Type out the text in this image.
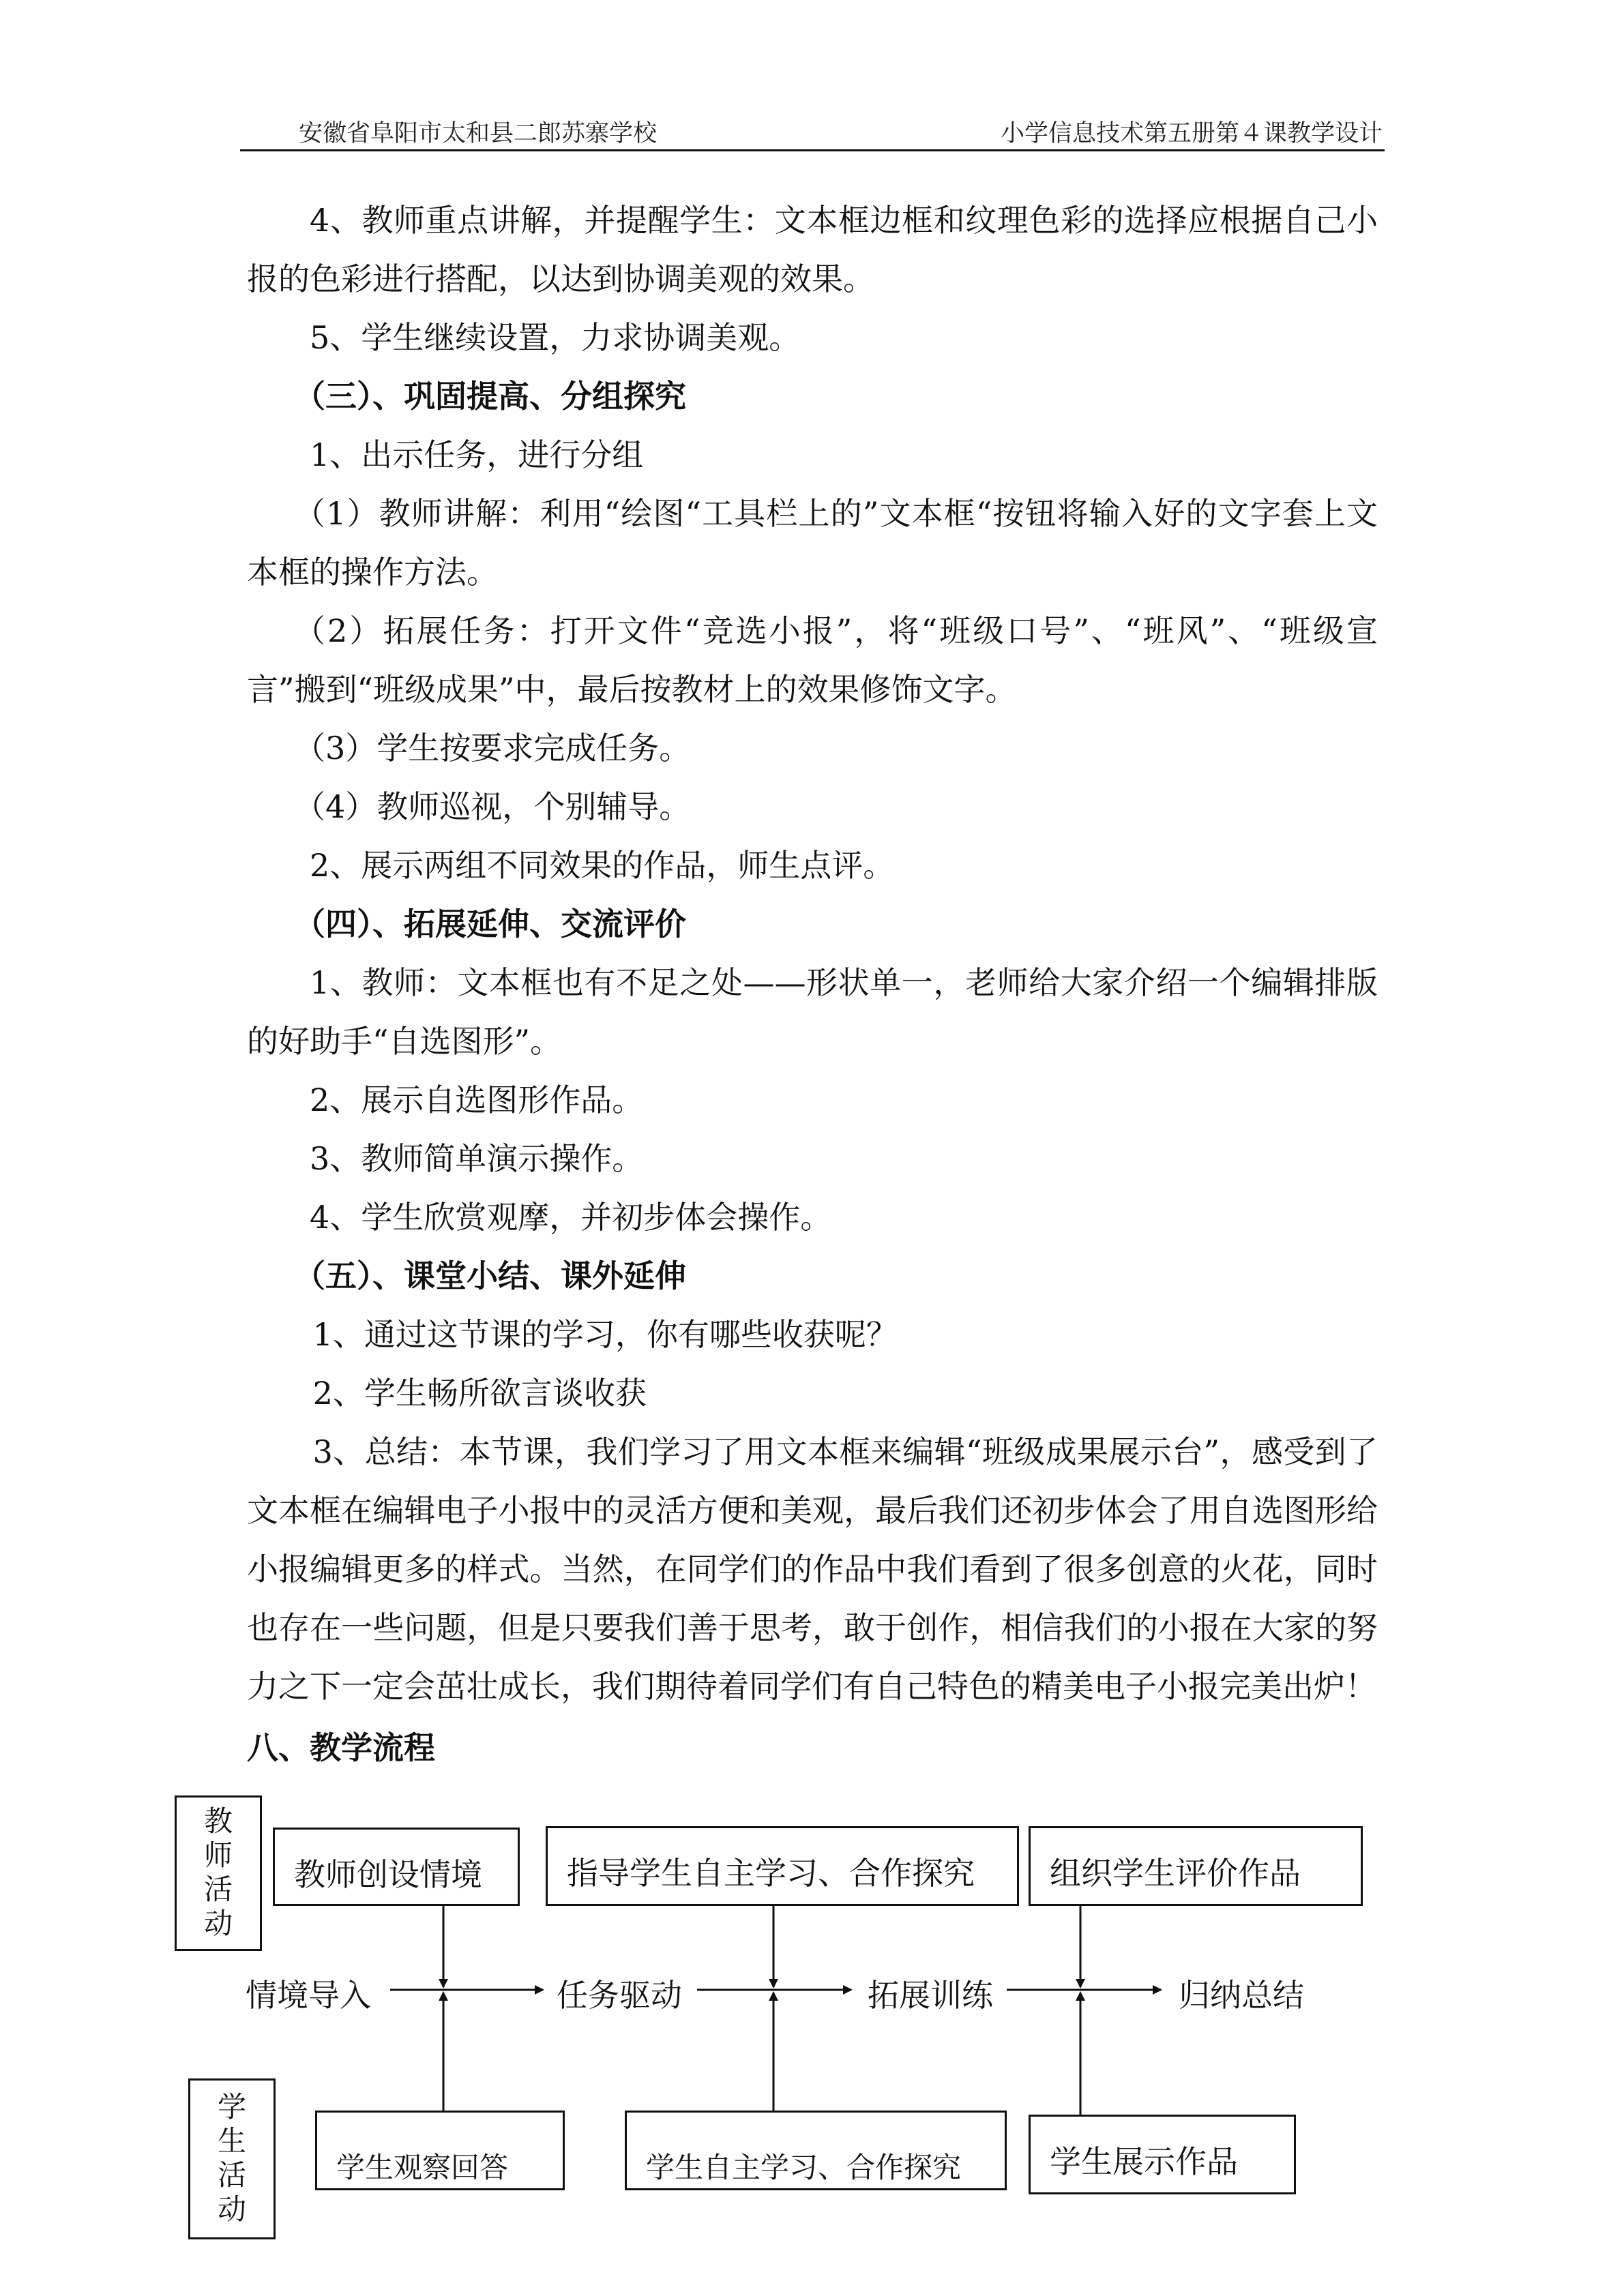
安徽省阜阳市太和县二郎苏寨学校	小学信息技术第五册第４课教学设计

4、教师重点讲解，并提醒学生：文本框边框和纹理色彩的选择应根据自己小报的色彩进行搭配，以达到协调美观的效果。

5、学生继续设置，力求协调美观。

（三）、巩固提高、分组探究

1、出示任务，进行分组

（1）教师讲解：利用“绘图“工具栏上的”文本框“按钮将输入好的文字套上文本框的操作方法。

（2）拓展任务：打开文件“竞选小报”，将“班级口号”、“班风”、“班级宣言”搬到“班级成果”中，最后按教材上的效果修饰文字。

（3）学生按要求完成任务。

（4）教师巡视，个别辅导。

2、展示两组不同效果的作品，师生点评。

（四）、拓展延伸、交流评价

1、教师：文本框也有不足之处——形状单一，老师给大家介绍一个编辑排版的好助手“自选图形”。

2、展示自选图形作品。

3、教师简单演示操作。

4、学生欣赏观摩，并初步体会操作。

（五）、课堂小结、课外延伸

1、通过这节课的学习，你有哪些收获呢？

2、学生畅所欲言谈收获

3、总结：本节课，我们学习了用文本框来编辑“班级成果展示台”，感受到了文本框在编辑电子小报中的灵活方便和美观，最后我们还初步体会了用自选图形给小报编辑更多的样式。当然，在同学们的作品中我们看到了很多创意的火花，同时也存在一些问题，但是只要我们善于思考，敢于创作，相信我们的小报在大家的努力之下一定会茁壮成长，我们期待着同学们有自己特色的精美电子小报完美出炉！

八、教学流程

教师活动
学生活动
教师创设情境	指导学生自主学习、合作探究 组织学生评价作品
情境导入	任务驱动	拓展训练	归纳总结
学生观察回答	学生自主学习、合作探究	学生展示作品
